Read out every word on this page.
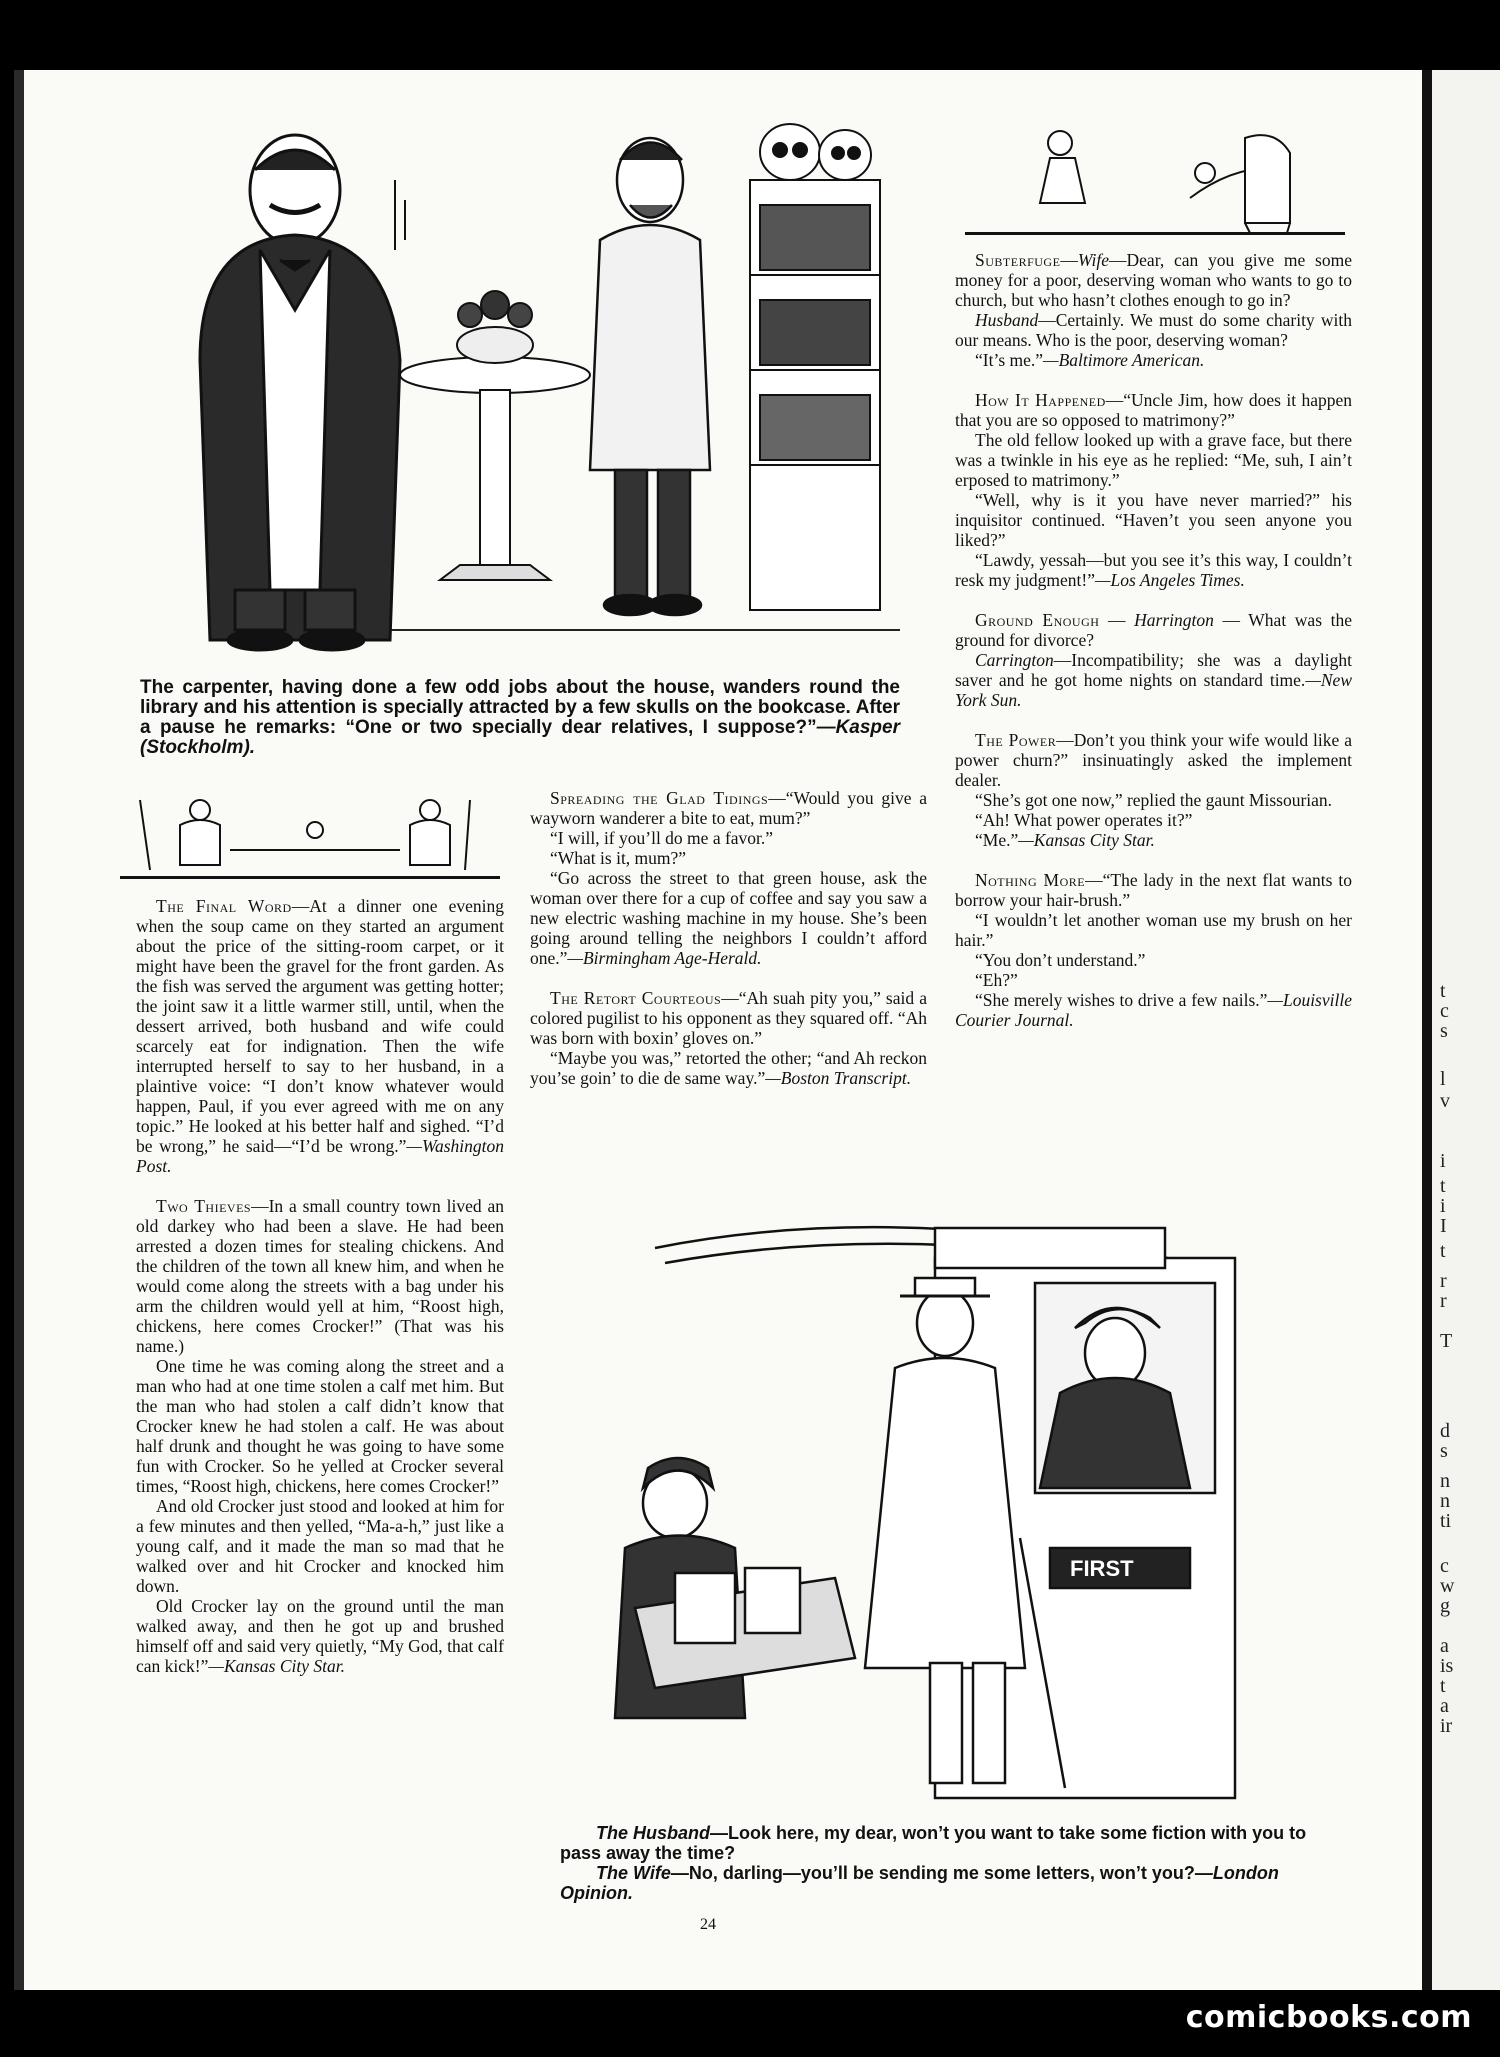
t
c
s
l
v
i
t
i
I
t
r
r
T
d
s
n
n
ti
c
w
g
a
is
t
a
ir
The carpenter, having done a few odd jobs about the house, wanders round the library and his attention is specially attracted by a few skulls on the bookcase. After a pause he remarks: “One or two specially dear relatives, I suppose?”—Kasper (Stockholm).

The Final Word—At a dinner one evening when the soup came on they started an argument about the price of the sitting-room carpet, or it might have been the gravel for the front garden. As the fish was served the argument was getting hotter; the joint saw it a little warmer still, until, when the dessert arrived, both husband and wife could scarcely eat for indignation. Then the wife interrupted herself to say to her husband, in a plaintive voice: “I don’t know whatever would happen, Paul, if you ever agreed with me on any topic.” He looked at his better half and sighed. “I’d be wrong,” he said—“I’d be wrong.”—Washington Post.

Two Thieves—In a small country town lived an old darkey who had been a slave. He had been arrested a dozen times for stealing chickens. And the children of the town all knew him, and when he would come along the streets with a bag under his arm the children would yell at him, “Roost high, chickens, here comes Crocker!” (That was his name.)

One time he was coming along the street and a man who had at one time stolen a calf met him. But the man who had stolen a calf didn’t know that Crocker knew he had stolen a calf. He was about half drunk and thought he was going to have some fun with Crocker. So he yelled at Crocker several times, “Roost high, chickens, here comes Crocker!”

And old Crocker just stood and looked at him for a few minutes and then yelled, “Ma-a-h,” just like a young calf, and it made the man so mad that he walked over and hit Crocker and knocked him down.

Old Crocker lay on the ground until the man walked away, and then he got up and brushed himself off and said very quietly, “My God, that calf can kick!”—Kansas City Star.

Spreading the Glad Tidings—“Would you give a wayworn wanderer a bite to eat, mum?”

“I will, if you’ll do me a favor.”

“What is it, mum?”

“Go across the street to that green house, ask the woman over there for a cup of coffee and say you saw a new electric washing machine in my house. She’s been going around telling the neighbors I couldn’t afford one.”—Birmingham Age-Herald.

The Retort Courteous—“Ah suah pity you,” said a colored pugilist to his opponent as they squared off. “Ah was born with boxin’ gloves on.”

“Maybe you was,” retorted the other; “and Ah reckon you’se goin’ to die de same way.”—Boston Transcript.

Subterfuge—Wife—Dear, can you give me some money for a poor, deserving woman who wants to go to church, but who hasn’t clothes enough to go in?

Husband—Certainly. We must do some charity with our means. Who is the poor, deserving woman?

“It’s me.”—Baltimore American.

How It Happened—“Uncle Jim, how does it happen that you are so opposed to matrimony?”

The old fellow looked up with a grave face, but there was a twinkle in his eye as he replied: “Me, suh, I ain’t erposed to matrimony.”

“Well, why is it you have never married?” his inquisitor continued. “Haven’t you seen anyone you liked?”

“Lawdy, yessah—but you see it’s this way, I couldn’t resk my judgment!”—Los Angeles Times.

Ground Enough — Harrington — What was the ground for divorce?

Carrington—Incompatibility; she was a daylight saver and he got home nights on standard time.—New York Sun.

The Power—Don’t you think your wife would like a power churn?” insinuatingly asked the implement dealer.

“She’s got one now,” replied the gaunt Missourian.

“Ah! What power operates it?”

“Me.”—Kansas City Star.

Nothing More—“The lady in the next flat wants to borrow your hair-brush.”

“I wouldn’t let another woman use my brush on her hair.”

“You don’t understand.”

“Eh?”

“She merely wishes to drive a few nails.”—Louisville Courier Journal.

FIRST
The Husband—Look here, my dear, won’t you want to take some fiction with you to pass away the time?
The Wife—No, darling—you’ll be sending me some letters, won’t you?—London Opinion.
24
comicbooks.com
